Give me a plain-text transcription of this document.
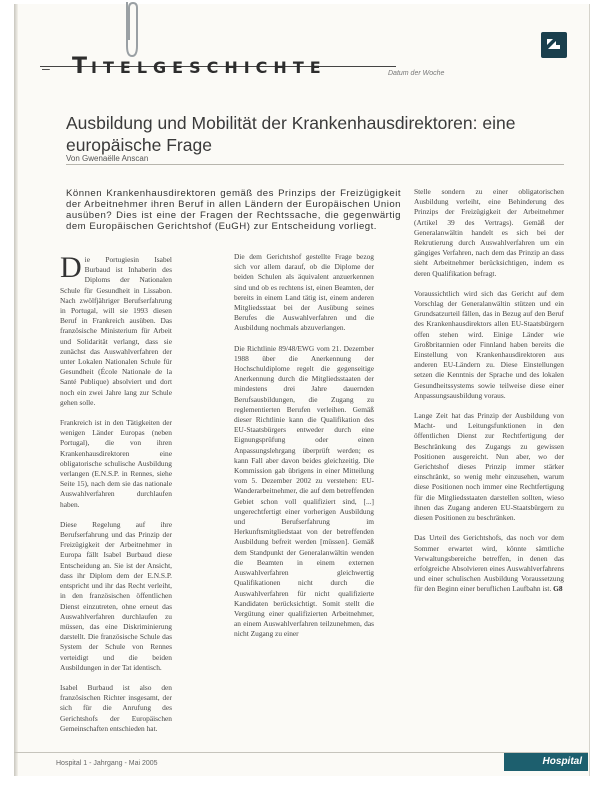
– TITELGESCHICHTE	Datum der Woche
Ausbildung und Mobilität der Krankenhausdirektoren: eine europäische Frage
Von Gwenaëlle Anscan
Können Krankenhausdirektoren gemäß des Prinzips der Freizügigkeit der Arbeitnehmer ihren Beruf in allen Ländern der Europäischen Union ausüben? Dies ist eine der Fragen der Rechtssache, die gegenwärtig dem Europäischen Gerichtshof (EuGH) zur Entscheidung vorliegt.

Die Portugiesin Isabel Burbaud ist Inhaberin des Diploms der Nationalen Schule für Gesundheit in Lissabon. Nach zwölfjähriger Berufserfahrung in Portugal, will sie 1993 diesen Beruf in Frankreich ausüben. Das französische Ministerium für Arbeit und Solidarität verlangt, dass sie zunächst das Auswahlverfahren der unter Lokalen Nationalen Schule für Gesundheit (École Nationale de la Santé Publique) absolviert und dort noch ein zwei Jahre lang zur Schule gehen solle.

Frankreich ist in den Tätigkeiten der wenigen Länder Europas (neben Portugal), die von ihren Krankenhausdirektoren eine obligatorische schulische Ausbildung verlangen (E.N.S.P. in Rennes, siehe Seite 15), nach dem sie das nationale Auswahlverfahren durchlaufen haben.

Diese Regelung auf ihre Berufserfahrung und das Prinzip der Freizügigkeit der Arbeitnehmer in Europa fällt Isabel Burbaud diese Entscheidung an. Sie ist der Ansicht, dass ihr Diplom dem der E.N.S.P. entspricht und ihr das Recht verleiht, in den französischen öffentlichen Dienst einzutreten, ohne erneut das Auswahlverfahren durchlaufen zu müssen, das eine Diskriminierung darstellt. Die französische Schule das System der Schule von Rennes verteidigt und die beiden Ausbildungen in der Tat identisch.

Isabel Burbaud ist also den französischen Richter insgesamt, der sich für die Anrufung des Gerichtshofs der Europäischen Gemeinschaften entschieden hat.

Die dem Gerichtshof gestellte Frage bezog sich vor allem darauf, ob die Diplome der beiden Schulen als äquivalent anzuerkennen sind und ob es rechtens ist, einen Beamten, der bereits in einem Land tätig ist, einem anderen Mitgliedsstaat bei der Ausübung seines Berufes die Auswahlverfahren und die Ausbildung nochmals abzuverlangen.

Die Richtlinie 89/48/EWG vom 21. Dezember 1988 über die Anerkennung der Hochschuldiplome regelt die gegenseitige Anerkennung durch die Mitgliedsstaaten der mindestens drei Jahre dauernden Berufsausbildungen, die Zugang zu reglementierten Berufen verleihen. Gemäß dieser Richtlinie kann die Qualifikation des EU-Staatsbürgers entweder durch eine Eignungsprüfung oder einen Anpassungslehrgang überprüft werden; es kann Fall aber davon beides gleichzeitig. Die Kommission gab übrigens in einer Mitteilung vom 5. Dezember 2002 zu verstehen: EU-Wanderarbeitnehmer, die auf dem betreffenden Gebiet schon voll qualifiziert sind, [...] ungerechtfertigt einer vorherigen Ausbildung und Berufserfahrung im Herkunftsmitgliedstaat von der betreffenden Ausbildung befreit werden [müssen]. Gemäß dem Standpunkt der Generalanwältin wenden die Beamten in einem externen Auswahlverfahren gleichwertig Qualifikationen nicht durch die Auswahlverfahren für nicht qualifizierte Kandidaten berücksichtigt. Somit stellt die Vergütung einer qualifizierten Arbeitnehmer, an einem Auswahlverfahren teilzunehmen, das nicht Zugang zu einer

Stelle sondern zu einer obligatorischen Ausbildung verleiht, eine Behinderung des Prinzips der Freizügigkeit der Arbeitnehmer (Artikel 39 des Vertrags). Gemäß der Generalanwältin handelt es sich bei der Rekrutierung durch Auswahlverfahren um ein gängiges Verfahren, nach dem das Prinzip an dass sieht Arbeitnehmer berücksichtigen, indem es deren Qualifikation befragt.

Voraussichtlich wird sich das Gericht auf dem Vorschlag der Generalanwältin stützen und ein Grundsatzurteil fällen, das in Bezug auf den Beruf des Krankenhausdirektors allen EU-Staatsbürgern offen stehen wird. Einige Länder wie Großbritannien oder Finnland haben bereits die Einstellung von Krankenhausdirektoren aus anderen EU-Ländern zu. Diese Einstellungen setzen die Kenntnis der Sprache und des lokalen Gesundheitssystems sowie teilweise diese einer Anpassungsausbildung voraus.

Lange Zeit hat das Prinzip der Ausbildung von Macht- und Leitungsfunktionen in den öffentlichen Dienst zur Rechtfertigung der Beschränkung des Zugangs zu gewissen Positionen ausgereicht. Nun aber, wo der Gerichtshof dieses Prinzip immer stärker einschränkt, so wenig mehr einzusehen, warum diese Positionen noch immer eine Rechtfertigung für die Mitgliedsstaaten darstellen sollten, wieso ihnen das Zugang anderen EU-Staatsbürgern zu diesen Positionen zu beschränken.

Das Urteil des Gerichtshofs, das noch vor dem Sommer erwartet wird, könnte sämtliche Verwaltungsbereiche betreffen, in denen das erfolgreiche Absolvieren eines Auswahlverfahrens und einer schulischen Ausbildung Voraussetzung für den Beginn einer beruflichen Laufbahn ist. G8

Hospital 1 - Jahrgang - Mai 2005	Hospital
